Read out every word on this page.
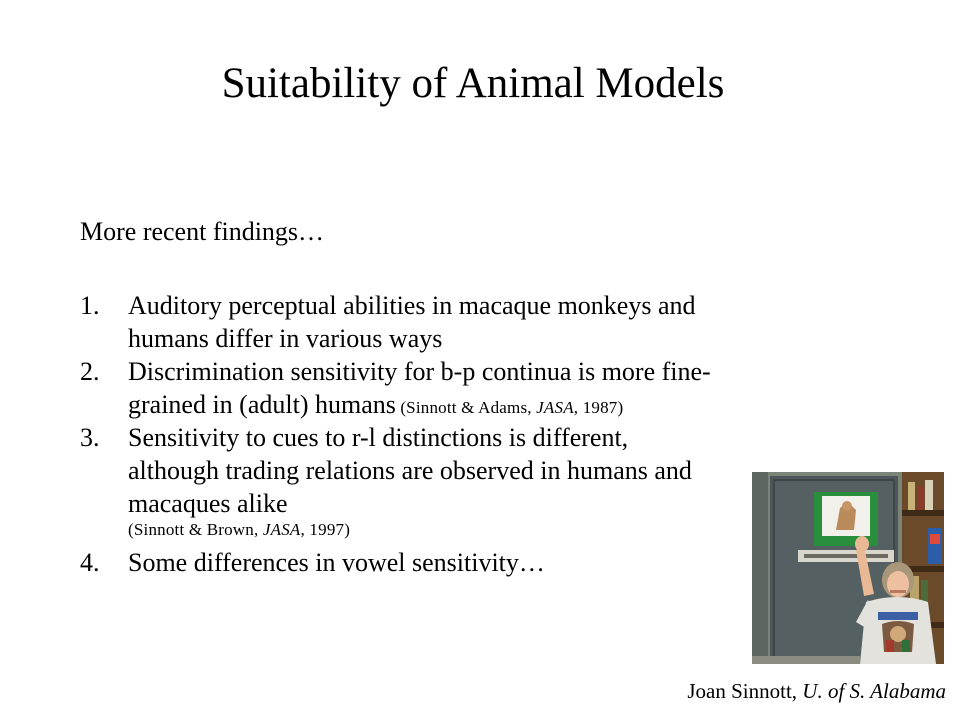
Suitability of Animal Models

More recent findings…

1. Auditory perceptual abilities in macaque monkeys and humans differ in various ways
2. Discrimination sensitivity for b-p continua is more fine-grained in (adult) humans (Sinnott & Adams, JASA, 1987)
3. Sensitivity to cues to r-l distinctions is different, although trading relations are observed in humans and macaques alike
(Sinnott & Brown, JASA, 1997)
4. Some differences in vowel sensitivity…

Joan Sinnott, U. of S. Alabama
